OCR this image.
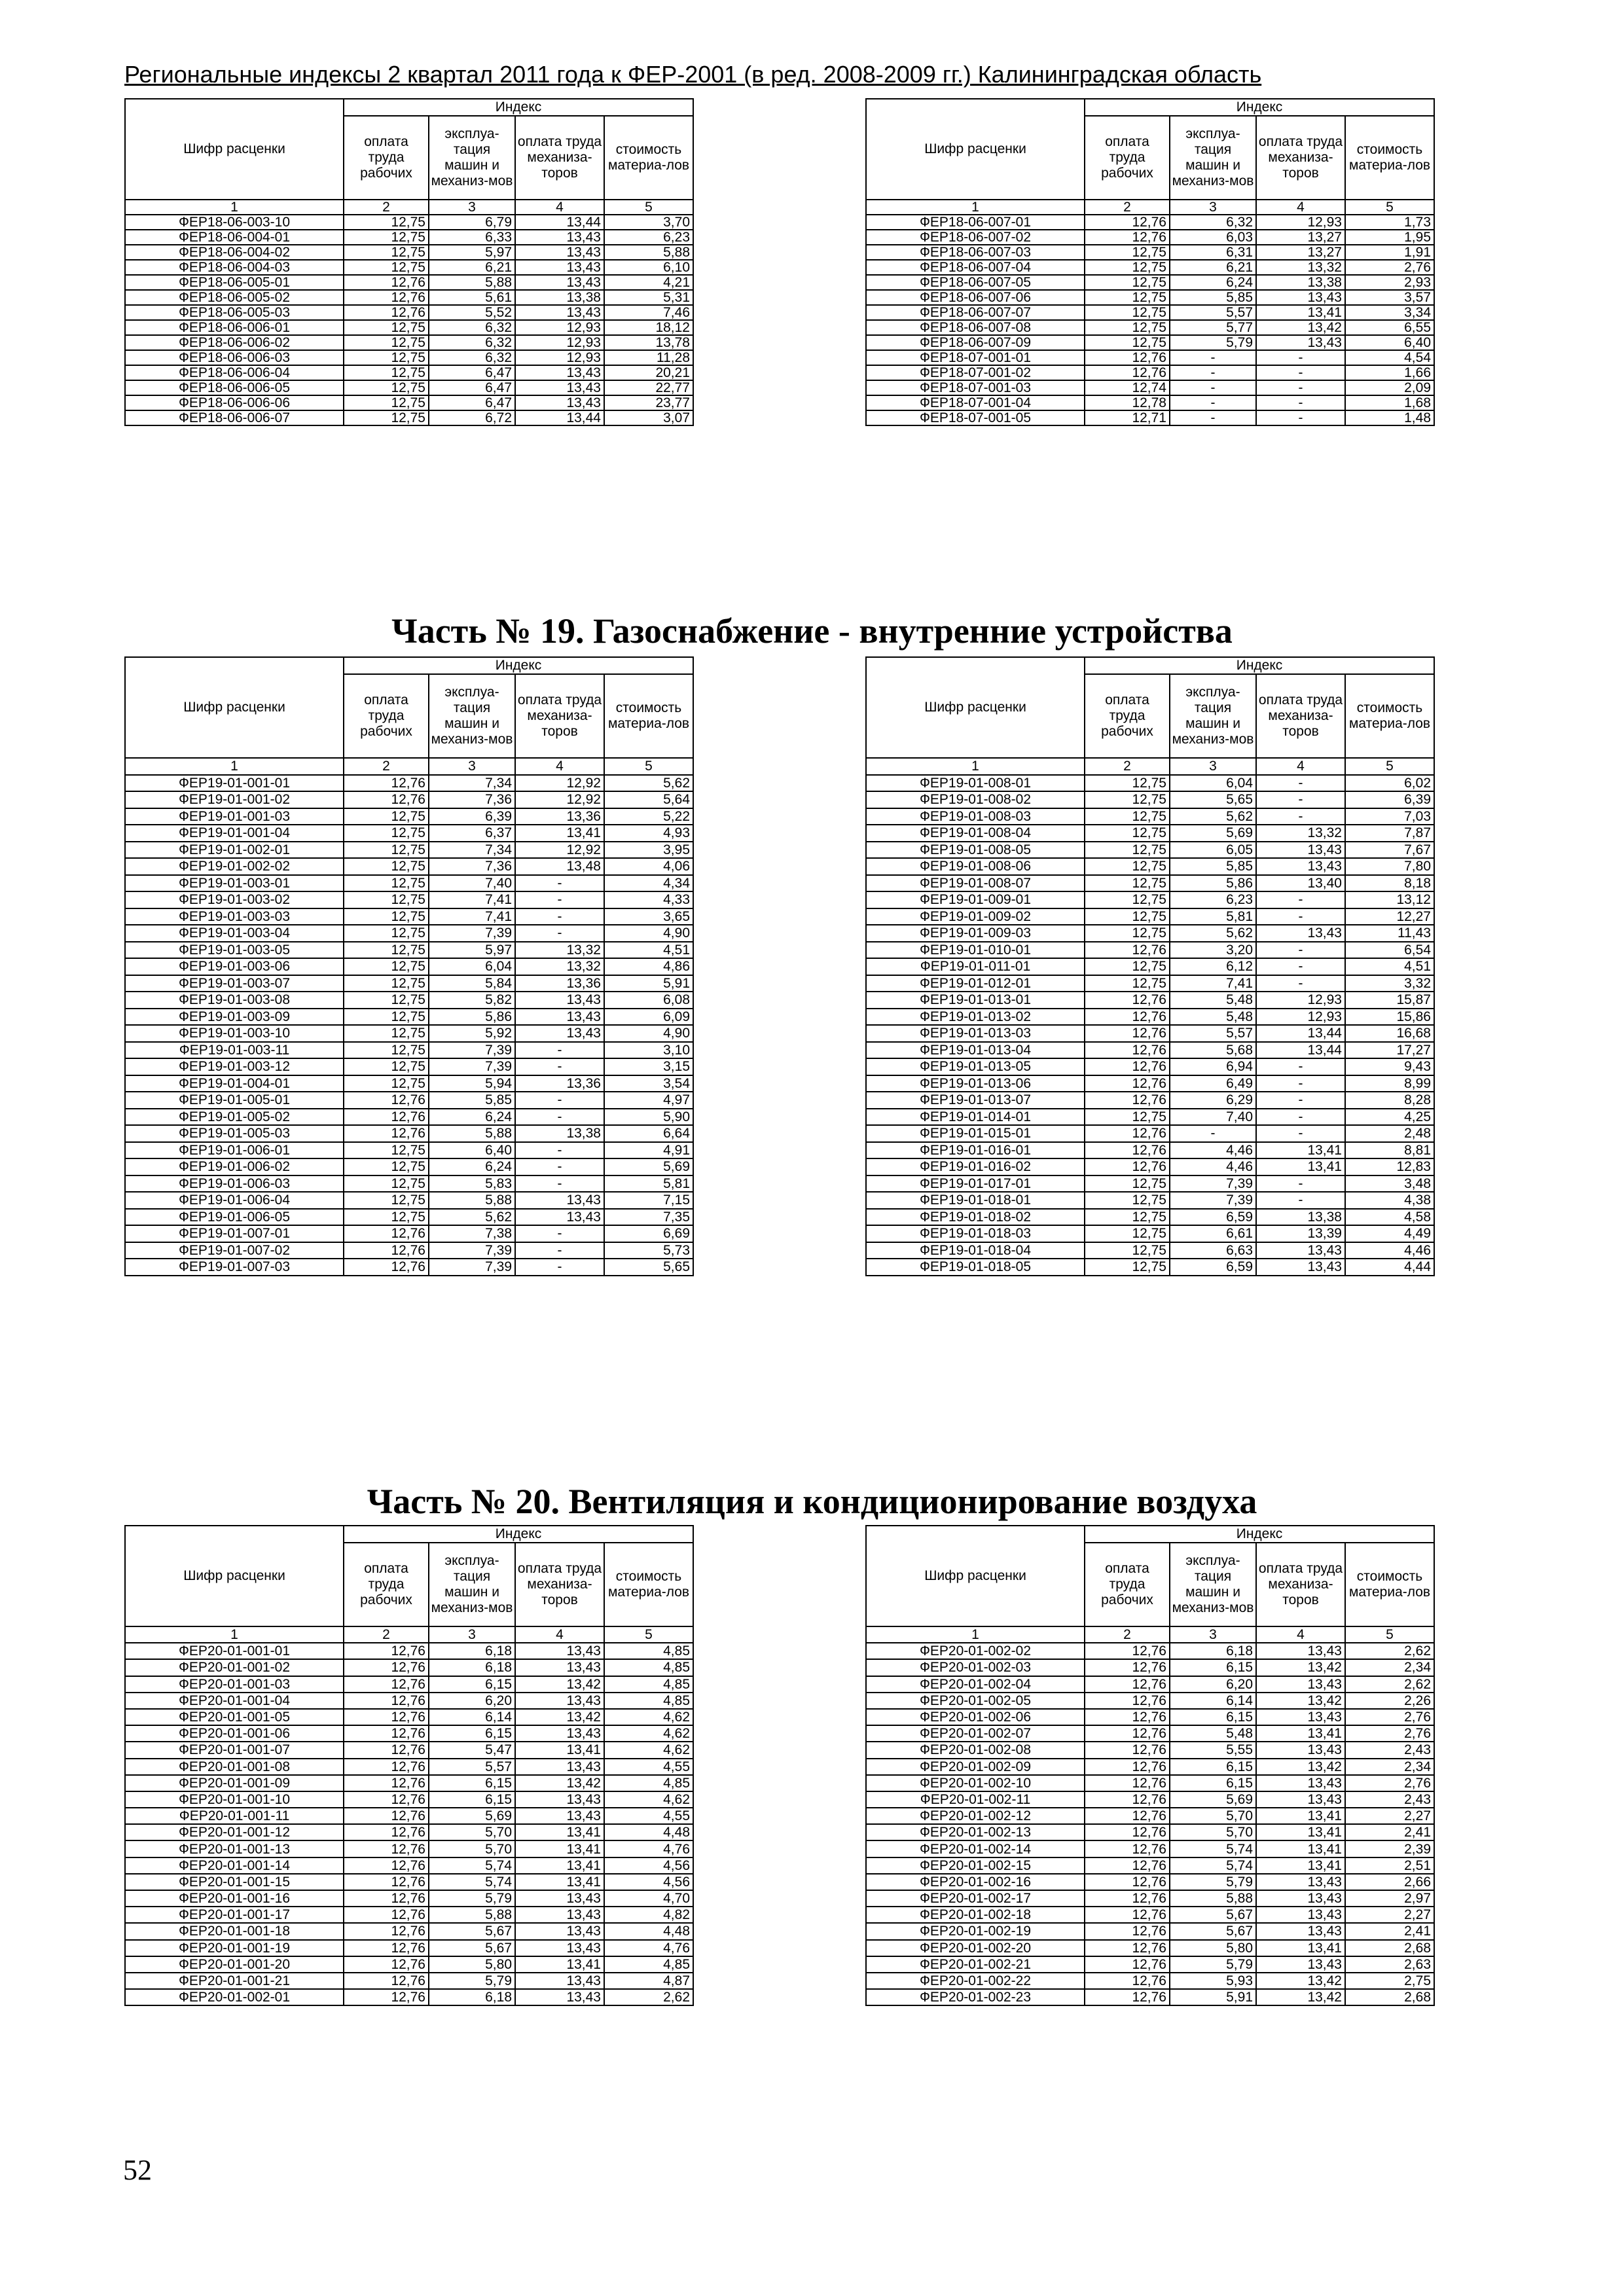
Региональные индексы 2 квартал 2011 года к ФЕР-2001 (в ред. 2008-2009 гг.) Калининградская область
Часть № 19. Газоснабжение - внутренние устройства
Часть № 20. Вентиляция и кондиционирование воздуха
Шифр расценки	Индекс			
	оплата труда рабочих	эксплуа-тация машин и механиз-мов	оплата труда механиза-торов	стоимость материа-лов
1	2	3	4	5
ФЕР18-06-003-10	12,75	6,79	13,44	3,70
ФЕР18-06-004-01	12,75	6,33	13,43	6,23
ФЕР18-06-004-02	12,75	5,97	13,43	5,88
ФЕР18-06-004-03	12,75	6,21	13,43	6,10
ФЕР18-06-005-01	12,76	5,88	13,43	4,21
ФЕР18-06-005-02	12,76	5,61	13,38	5,31
ФЕР18-06-005-03	12,76	5,52	13,43	7,46
ФЕР18-06-006-01	12,75	6,32	12,93	18,12
ФЕР18-06-006-02	12,75	6,32	12,93	13,78
ФЕР18-06-006-03	12,75	6,32	12,93	11,28
ФЕР18-06-006-04	12,75	6,47	13,43	20,21
ФЕР18-06-006-05	12,75	6,47	13,43	22,77
ФЕР18-06-006-06	12,75	6,47	13,43	23,77
ФЕР18-06-006-07	12,75	6,72	13,44	3,07
Шифр расценки	Индекс			
	оплата труда рабочих	эксплуа-тация машин и механиз-мов	оплата труда механиза-торов	стоимость материа-лов
1	2	3	4	5
ФЕР18-06-007-01	12,76	6,32	12,93	1,73
ФЕР18-06-007-02	12,76	6,03	13,27	1,95
ФЕР18-06-007-03	12,75	6,31	13,27	1,91
ФЕР18-06-007-04	12,75	6,21	13,32	2,76
ФЕР18-06-007-05	12,75	6,24	13,38	2,93
ФЕР18-06-007-06	12,75	5,85	13,43	3,57
ФЕР18-06-007-07	12,75	5,57	13,41	3,34
ФЕР18-06-007-08	12,75	5,77	13,42	6,55
ФЕР18-06-007-09	12,75	5,79	13,43	6,40
ФЕР18-07-001-01	12,76	-	-	4,54
ФЕР18-07-001-02	12,76	-	-	1,66
ФЕР18-07-001-03	12,74	-	-	2,09
ФЕР18-07-001-04	12,78	-	-	1,68
ФЕР18-07-001-05	12,71	-	-	1,48
Шифр расценки	Индекс			
	оплата труда рабочих	эксплуа-тация машин и механиз-мов	оплата труда механиза-торов	стоимость материа-лов
1	2	3	4	5
ФЕР19-01-001-01	12,76	7,34	12,92	5,62
ФЕР19-01-001-02	12,76	7,36	12,92	5,64
ФЕР19-01-001-03	12,75	6,39	13,36	5,22
ФЕР19-01-001-04	12,75	6,37	13,41	4,93
ФЕР19-01-002-01	12,75	7,34	12,92	3,95
ФЕР19-01-002-02	12,75	7,36	13,48	4,06
ФЕР19-01-003-01	12,75	7,40	-	4,34
ФЕР19-01-003-02	12,75	7,41	-	4,33
ФЕР19-01-003-03	12,75	7,41	-	3,65
ФЕР19-01-003-04	12,75	7,39	-	4,90
ФЕР19-01-003-05	12,75	5,97	13,32	4,51
ФЕР19-01-003-06	12,75	6,04	13,32	4,86
ФЕР19-01-003-07	12,75	5,84	13,36	5,91
ФЕР19-01-003-08	12,75	5,82	13,43	6,08
ФЕР19-01-003-09	12,75	5,86	13,43	6,09
ФЕР19-01-003-10	12,75	5,92	13,43	4,90
ФЕР19-01-003-11	12,75	7,39	-	3,10
ФЕР19-01-003-12	12,75	7,39	-	3,15
ФЕР19-01-004-01	12,75	5,94	13,36	3,54
ФЕР19-01-005-01	12,76	5,85	-	4,97
ФЕР19-01-005-02	12,76	6,24	-	5,90
ФЕР19-01-005-03	12,76	5,88	13,38	6,64
ФЕР19-01-006-01	12,75	6,40	-	4,91
ФЕР19-01-006-02	12,75	6,24	-	5,69
ФЕР19-01-006-03	12,75	5,83	-	5,81
ФЕР19-01-006-04	12,75	5,88	13,43	7,15
ФЕР19-01-006-05	12,75	5,62	13,43	7,35
ФЕР19-01-007-01	12,76	7,38	-	6,69
ФЕР19-01-007-02	12,76	7,39	-	5,73
ФЕР19-01-007-03	12,76	7,39	-	5,65
Шифр расценки	Индекс			
	оплата труда рабочих	эксплуа-тация машин и механиз-мов	оплата труда механиза-торов	стоимость материа-лов
1	2	3	4	5
ФЕР19-01-008-01	12,75	6,04	-	6,02
ФЕР19-01-008-02	12,75	5,65	-	6,39
ФЕР19-01-008-03	12,75	5,62	-	7,03
ФЕР19-01-008-04	12,75	5,69	13,32	7,87
ФЕР19-01-008-05	12,75	6,05	13,43	7,67
ФЕР19-01-008-06	12,75	5,85	13,43	7,80
ФЕР19-01-008-07	12,75	5,86	13,40	8,18
ФЕР19-01-009-01	12,75	6,23	-	13,12
ФЕР19-01-009-02	12,75	5,81	-	12,27
ФЕР19-01-009-03	12,75	5,62	13,43	11,43
ФЕР19-01-010-01	12,76	3,20	-	6,54
ФЕР19-01-011-01	12,75	6,12	-	4,51
ФЕР19-01-012-01	12,75	7,41	-	3,32
ФЕР19-01-013-01	12,76	5,48	12,93	15,87
ФЕР19-01-013-02	12,76	5,48	12,93	15,86
ФЕР19-01-013-03	12,76	5,57	13,44	16,68
ФЕР19-01-013-04	12,76	5,68	13,44	17,27
ФЕР19-01-013-05	12,76	6,94	-	9,43
ФЕР19-01-013-06	12,76	6,49	-	8,99
ФЕР19-01-013-07	12,76	6,29	-	8,28
ФЕР19-01-014-01	12,75	7,40	-	4,25
ФЕР19-01-015-01	12,76	-	-	2,48
ФЕР19-01-016-01	12,76	4,46	13,41	8,81
ФЕР19-01-016-02	12,76	4,46	13,41	12,83
ФЕР19-01-017-01	12,75	7,39	-	3,48
ФЕР19-01-018-01	12,75	7,39	-	4,38
ФЕР19-01-018-02	12,75	6,59	13,38	4,58
ФЕР19-01-018-03	12,75	6,61	13,39	4,49
ФЕР19-01-018-04	12,75	6,63	13,43	4,46
ФЕР19-01-018-05	12,75	6,59	13,43	4,44
Шифр расценки	Индекс			
	оплата труда рабочих	эксплуа-тация машин и механиз-мов	оплата труда механиза-торов	стоимость материа-лов
1	2	3	4	5
ФЕР20-01-001-01	12,76	6,18	13,43	4,85
ФЕР20-01-001-02	12,76	6,18	13,43	4,85
ФЕР20-01-001-03	12,76	6,15	13,42	4,85
ФЕР20-01-001-04	12,76	6,20	13,43	4,85
ФЕР20-01-001-05	12,76	6,14	13,42	4,62
ФЕР20-01-001-06	12,76	6,15	13,43	4,62
ФЕР20-01-001-07	12,76	5,47	13,41	4,62
ФЕР20-01-001-08	12,76	5,57	13,43	4,55
ФЕР20-01-001-09	12,76	6,15	13,42	4,85
ФЕР20-01-001-10	12,76	6,15	13,43	4,62
ФЕР20-01-001-11	12,76	5,69	13,43	4,55
ФЕР20-01-001-12	12,76	5,70	13,41	4,48
ФЕР20-01-001-13	12,76	5,70	13,41	4,76
ФЕР20-01-001-14	12,76	5,74	13,41	4,56
ФЕР20-01-001-15	12,76	5,74	13,41	4,56
ФЕР20-01-001-16	12,76	5,79	13,43	4,70
ФЕР20-01-001-17	12,76	5,88	13,43	4,82
ФЕР20-01-001-18	12,76	5,67	13,43	4,48
ФЕР20-01-001-19	12,76	5,67	13,43	4,76
ФЕР20-01-001-20	12,76	5,80	13,41	4,85
ФЕР20-01-001-21	12,76	5,79	13,43	4,87
ФЕР20-01-002-01	12,76	6,18	13,43	2,62
Шифр расценки	Индекс			
	оплата труда рабочих	эксплуа-тация машин и механиз-мов	оплата труда механиза-торов	стоимость материа-лов
1	2	3	4	5
ФЕР20-01-002-02	12,76	6,18	13,43	2,62
ФЕР20-01-002-03	12,76	6,15	13,42	2,34
ФЕР20-01-002-04	12,76	6,20	13,43	2,62
ФЕР20-01-002-05	12,76	6,14	13,42	2,26
ФЕР20-01-002-06	12,76	6,15	13,43	2,76
ФЕР20-01-002-07	12,76	5,48	13,41	2,76
ФЕР20-01-002-08	12,76	5,55	13,43	2,43
ФЕР20-01-002-09	12,76	6,15	13,42	2,34
ФЕР20-01-002-10	12,76	6,15	13,43	2,76
ФЕР20-01-002-11	12,76	5,69	13,43	2,43
ФЕР20-01-002-12	12,76	5,70	13,41	2,27
ФЕР20-01-002-13	12,76	5,70	13,41	2,41
ФЕР20-01-002-14	12,76	5,74	13,41	2,39
ФЕР20-01-002-15	12,76	5,74	13,41	2,51
ФЕР20-01-002-16	12,76	5,79	13,43	2,66
ФЕР20-01-002-17	12,76	5,88	13,43	2,97
ФЕР20-01-002-18	12,76	5,67	13,43	2,27
ФЕР20-01-002-19	12,76	5,67	13,43	2,41
ФЕР20-01-002-20	12,76	5,80	13,41	2,68
ФЕР20-01-002-21	12,76	5,79	13,43	2,63
ФЕР20-01-002-22	12,76	5,93	13,42	2,75
ФЕР20-01-002-23	12,76	5,91	13,42	2,68
52
